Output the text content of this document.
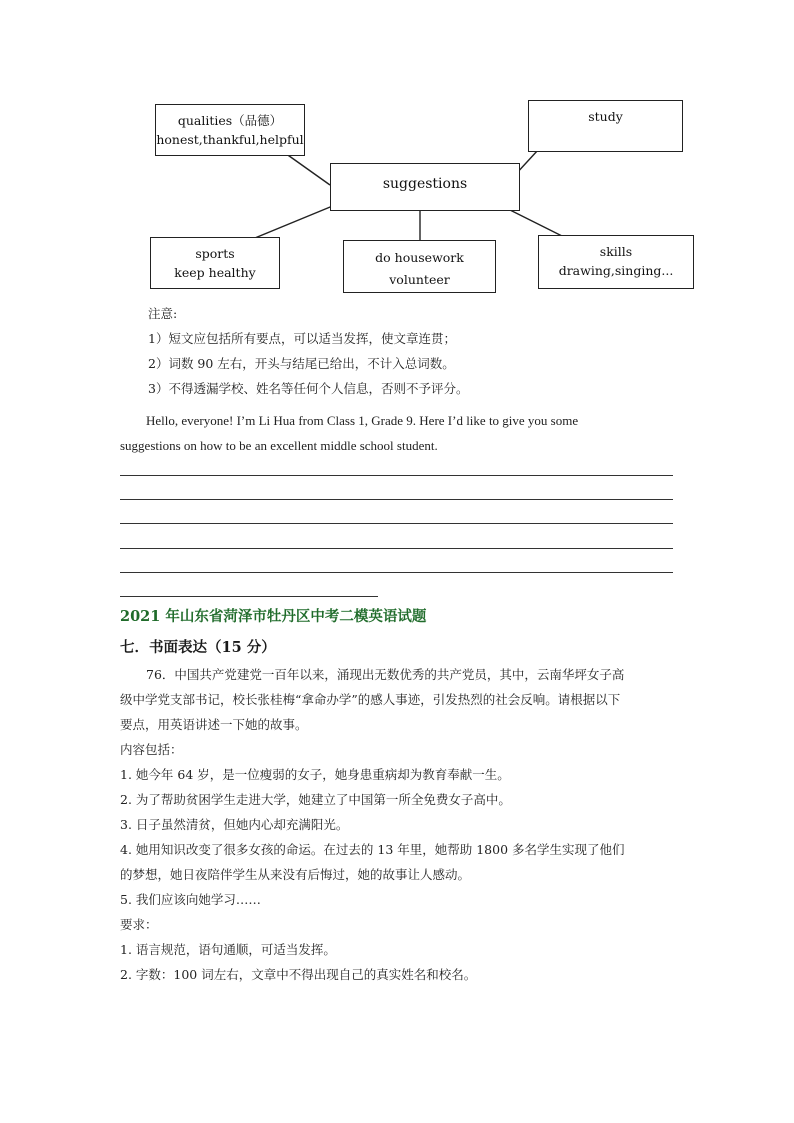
qualities（品德）
honest,thankful,helpful
study
suggestions
sports
keep healthy
do housework
volunteer
skills
drawing,singing...
注意:
1）短文应包括所有要点，可以适当发挥，使文章连贯；
2）词数 90 左右，开头与结尾已给出，不计入总词数。
3）不得透漏学校、姓名等任何个人信息，否则不予评分。
Hello, everyone! I’m Li Hua from Class 1, Grade 9. Here I’d like to give you some
suggestions on how to be an excellent middle school student.
2021 年山东省菏泽市牡丹区中考二模英语试题
七．书面表达（15 分）
76．中国共产党建党一百年以来，涌现出无数优秀的共产党员，其中，云南华坪女子高
级中学党支部书记，校长张桂梅“拿命办学”的感人事迹，引发热烈的社会反响。请根据以下
要点，用英语讲述一下她的故事。
内容包括：
1. 她今年 64 岁，是一位瘦弱的女子，她身患重病却为教育奉献一生。
2. 为了帮助贫困学生走进大学，她建立了中国第一所全免费女子高中。
3. 日子虽然清贫，但她内心却充满阳光。
4. 她用知识改变了很多女孩的命运。在过去的 13 年里，她帮助 1800 多名学生实现了他们
的梦想，她日夜陪伴学生从来没有后悔过，她的故事让人感动。
5. 我们应该向她学习……
要求：
1. 语言规范，语句通顺，可适当发挥。
2. 字数：100 词左右，文章中不得出现自己的真实姓名和校名。
